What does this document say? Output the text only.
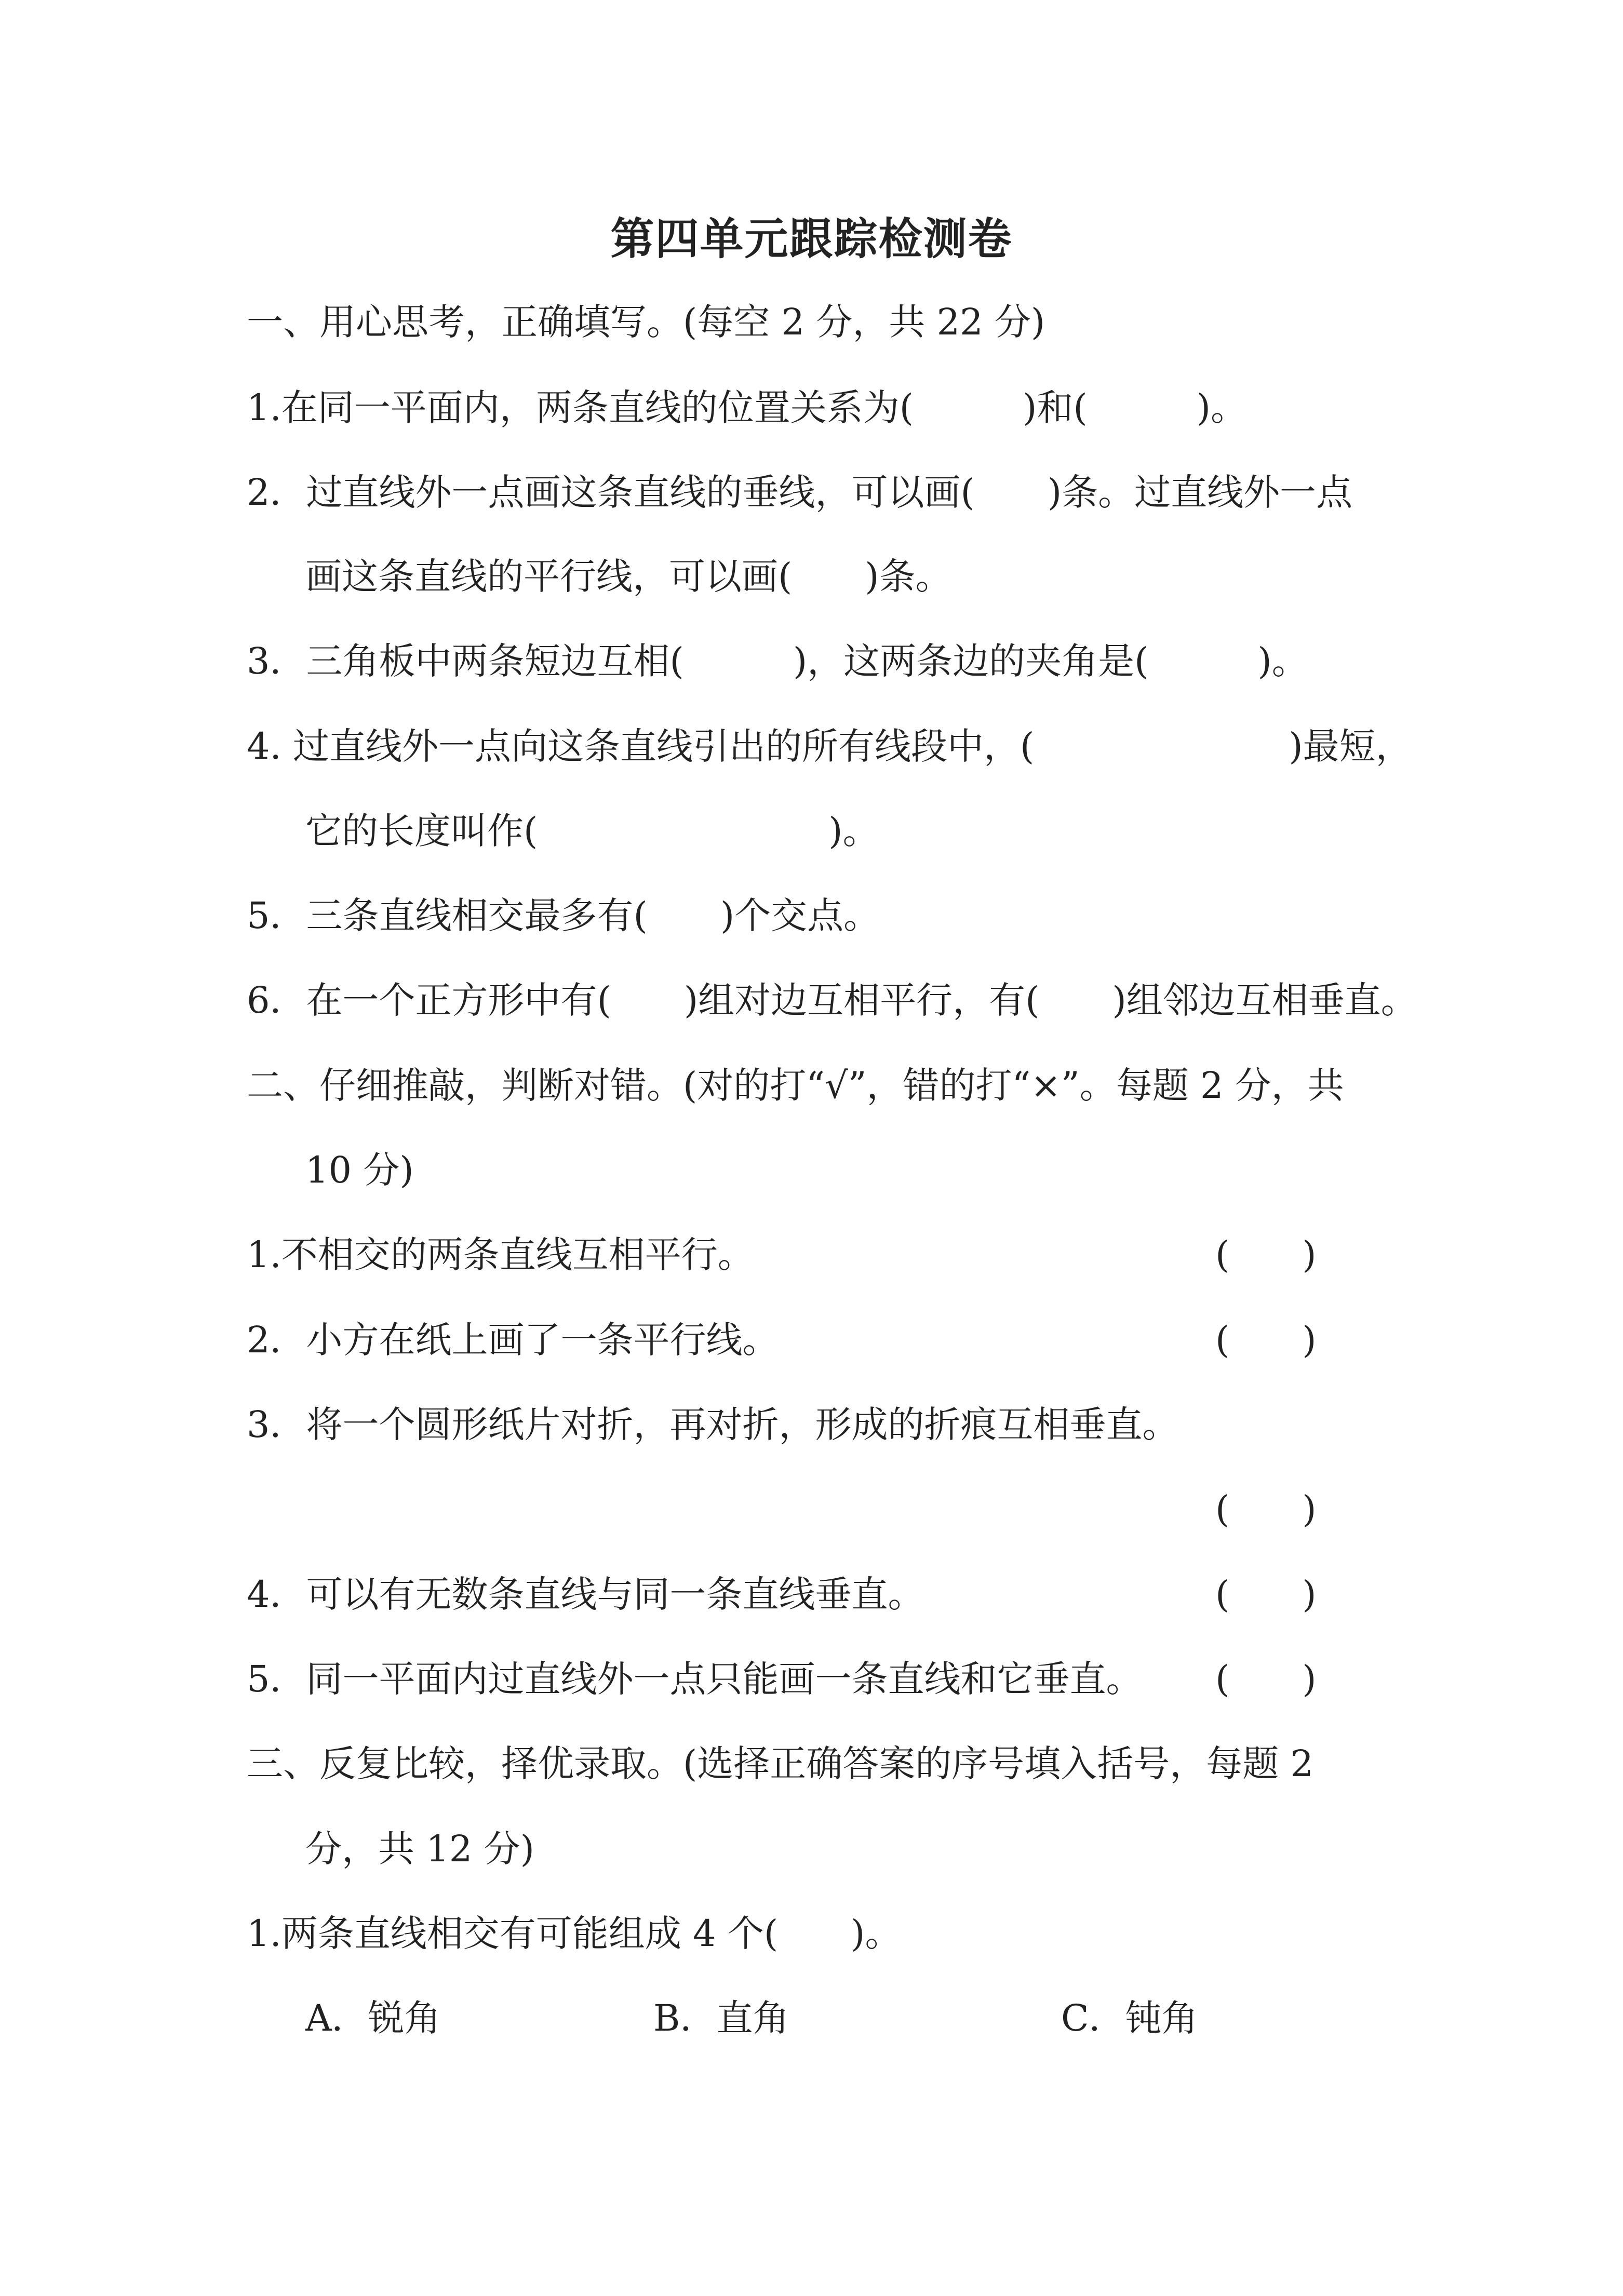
第四单元跟踪检测卷
一、用心思考，正确填写。(每空 2 分，共 22 分)
1.在同一平面内，两条直线的位置关系为(　　　)和(　　　)。
2．过直线外一点画这条直线的垂线，可以画(　　)条。过直线外一点
画这条直线的平行线，可以画(　　)条。
3．三角板中两条短边互相(　　　)，这两条边的夹角是(　　　)。
4. 过直线外一点向这条直线引出的所有线段中，(　　　　　　　)最短，
它的长度叫作(　　　　　　　　)。
5．三条直线相交最多有(　　)个交点。
6．在一个正方形中有(　　)组对边互相平行，有(　　)组邻边互相垂直。
二、仔细推敲，判断对错。(对的打“√”，错的打“×”。每题 2 分，共
10 分)
1.不相交的两条直线互相平行。	(　　)
2．小方在纸上画了一条平行线。	(　　)
3．将一个圆形纸片对折，再对折，形成的折痕互相垂直。
(　　)
4．可以有无数条直线与同一条直线垂直。	(　　)
5．同一平面内过直线外一点只能画一条直线和它垂直。 (　　)
三、反复比较，择优录取。(选择正确答案的序号填入括号，每题 2
分，共 12 分)
1.两条直线相交有可能组成 4 个(　　)。
A．锐角	B．直角	C．钝角
